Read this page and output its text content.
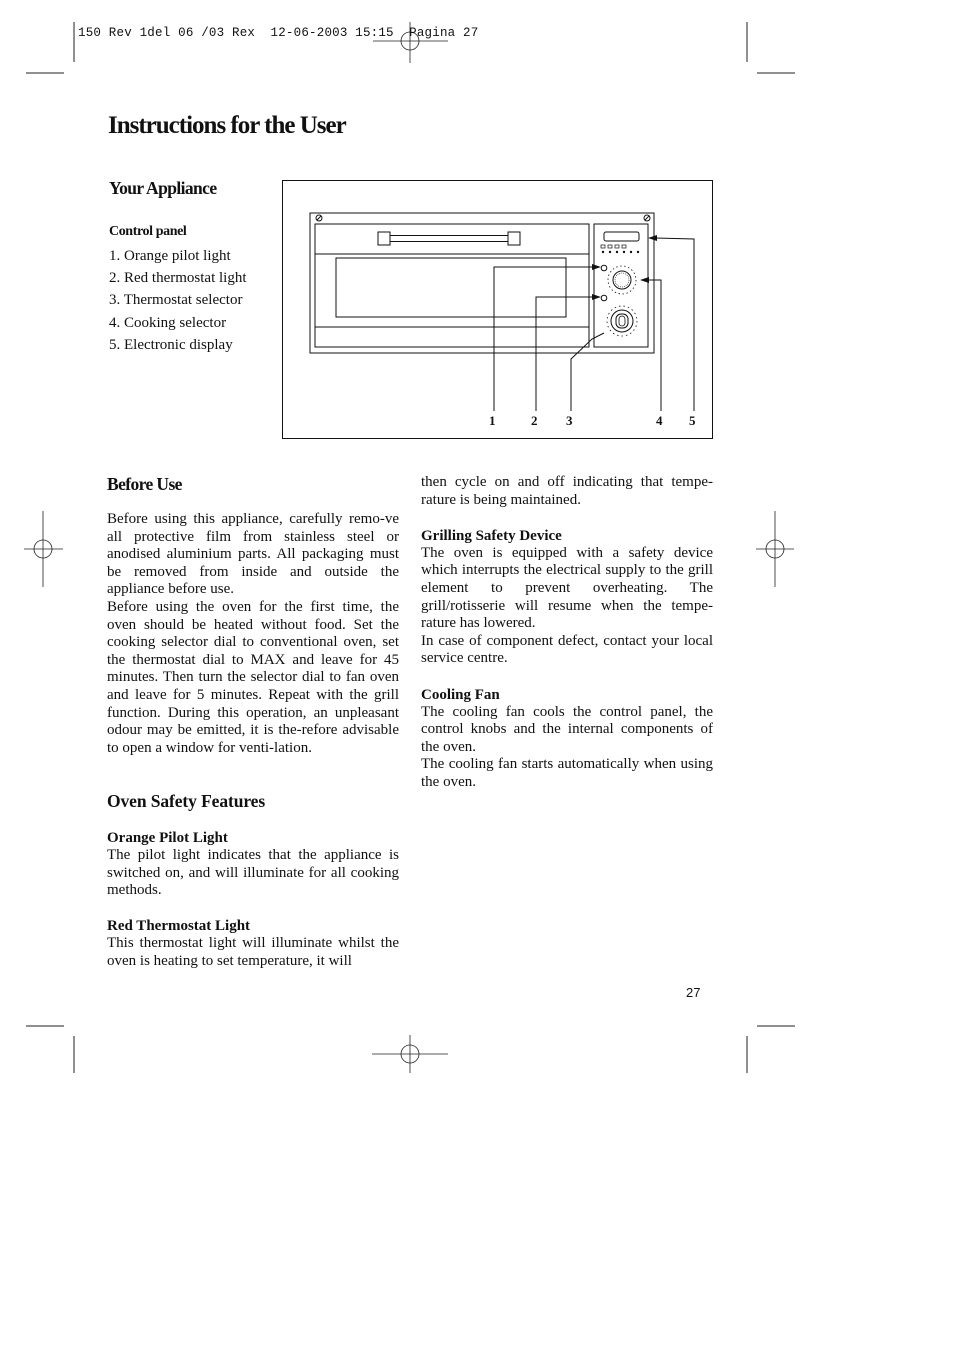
150 Rev 1del 06 /03 Rex  12-06-2003 15:15  Pagina 27
Instructions for the User
Your Appliance
Control panel
1. Orange pilot light
2. Red thermostat light
3. Thermostat selector
4. Cooking selector
5. Electronic display
1	2 3	4 5
Before Use

Before using this appliance, carefully remo-ve all protective film from stainless steel or anodised aluminium parts. All packaging must be removed from inside and outside the appliance before use.

Before using the oven for the first time, the oven should be heated without food. Set the cooking selector dial to conventional oven, set the thermostat dial to MAX and leave for 45 minutes. Then turn the selector dial to fan oven and leave for 5 minutes. Repeat with the grill function. During this operation, an unpleasant odour may be emitted, it is the-refore advisable to open a window for venti-lation.

Oven Safety Features
Orange Pilot Light

The pilot light indicates that the appliance is switched on, and will illuminate for all cooking methods.

Red Thermostat Light

This thermostat light will illuminate whilst the oven is heating to set temperature, it will

then cycle on and off indicating that tempe-rature is being maintained.

Grilling Safety Device

The oven is equipped with a safety device which interrupts the electrical supply to the grill element to prevent overheating. The grill/rotisserie will resume when the tempe-rature has lowered.

In case of component defect, contact your local service centre.

Cooling Fan

The cooling fan cools the control panel, the control knobs and the internal components of the oven.

The cooling fan starts automatically when using the oven.

27
